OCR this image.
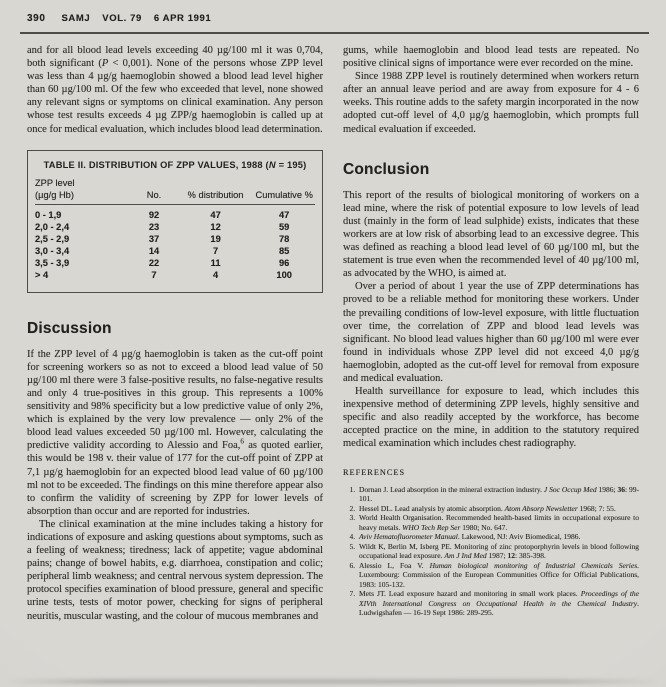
390 SAMJ VOL. 79 6 APR 1991

and for all blood lead levels exceeding 40 µg/100 ml it was 0,704, both significant (P < 0,001). None of the persons whose ZPP level was less than 4 µg/g haemoglobin showed a blood lead level higher than 60 µg/100 ml. Of the few who exceeded that level, none showed any relevant signs or symptoms on clinical examination. Any person whose test results exceeds 4 µg ZPP/g haemoglobin is called up at once for medical evaluation, which includes blood lead determination.

TABLE II. DISTRIBUTION OF ZPP VALUES, 1988 (N = 195)
ZPP level			
(µg/g Hb)	No.	% distribution	Cumulative %
0 - 1,9	92	47	47
2,0 - 2,4	23	12	59
2,5 - 2,9	37	19	78
3,0 - 3,4	14	7	85
3,5 - 3,9	22	11	96
> 4	7	4	100
Discussion

If the ZPP level of 4 µg/g haemoglobin is taken as the cut-off point for screening workers so as not to exceed a blood lead value of 50 µg/100 ml there were 3 false-positive results, no false-negative results and only 4 true-positives in this group. This represents a 100% sensitivity and 98% specificity but a low predictive value of only 2%, which is explained by the very low prevalence — only 2% of the blood lead values exceeded 50 µg/100 ml. However, calculating the predictive validity according to Alessio and Foa,$^6$ as quoted earlier, this would be 198 v. their value of 177 for the cut-off point of ZPP at 7,1 µg/g haemoglobin for an expected blood lead value of 60 µg/100 ml not to be exceeded. The findings on this mine therefore appear also to confirm the validity of screening by ZPP for lower levels of absorption than occur and are reported for industries.

The clinical examination at the mine includes taking a history for indications of exposure and asking questions about symptoms, such as a feeling of weakness; tiredness; lack of appetite; vague abdominal pains; change of bowel habits, e.g. diarrhoea, constipation and colic; peripheral limb weakness; and central nervous system depression. The protocol specifies examination of blood pressure, general and specific urine tests, tests of motor power, checking for signs of peripheral neuritis, muscular wasting, and the colour of mucous membranes and

gums, while haemoglobin and blood lead tests are repeated. No positive clinical signs of importance were ever recorded on the mine.

Since 1988 ZPP level is routinely determined when workers return after an annual leave period and are away from exposure for 4 - 6 weeks. This routine adds to the safety margin incorporated in the now adopted cut-off level of 4,0 µg/g haemoglobin, which prompts full medical evaluation if exceeded.

Conclusion

This report of the results of biological monitoring of workers on a lead mine, where the risk of potential exposure to low levels of lead dust (mainly in the form of lead sulphide) exists, indicates that these workers are at low risk of absorbing lead to an excessive degree. This was defined as reaching a blood lead level of 60 µg/100 ml, but the statement is true even when the recommended level of 40 µg/100 ml, as advocated by the WHO, is aimed at.

Over a period of about 1 year the use of ZPP determinations has proved to be a reliable method for monitoring these workers. Under the prevailing conditions of low-level exposure, with little fluctuation over time, the correlation of ZPP and blood lead levels was significant. No blood lead values higher than 60 µg/100 ml were ever found in individuals whose ZPP level did not exceed 4,0 µg/g haemoglobin, adopted as the cut-off level for removal from exposure and medical evaluation.

Health surveillance for exposure to lead, which includes this inexpensive method of determining ZPP levels, highly sensitive and specific and also readily accepted by the workforce, has become accepted practice on the mine, in addition to the statutory required medical examination which includes chest radiography.

REFERENCES
1. Dornan J. Lead absorption in the mineral extraction industry. J Soc Occup Med 1986; 36: 99-101.
2. Hessel DL. Lead analysis by atomic absorption. Atom Absorp Newsletter 1968; 7: 55.
3. World Health Organisation. Recommended health-based limits in occupational exposure to heavy metals. WHO Tech Rep Ser 1980; No. 647.
4. Aviv Hematofluorometer Manual. Lakewood, NJ: Aviv Biomedical, 1986.
5. Wildt K, Berlin M, Isberg PE. Monitoring of zinc protoporphyrin levels in blood following occupational lead exposure. Am J Ind Med 1987; 12: 385-398.
6. Alessio L, Foa V. Human biological monitoring of Industrial Chemicals Series. Luxembourg: Commission of the European Communities Office for Official Publications, 1983: 105-132.
7. Mets JT. Lead exposure hazard and monitoring in small work places. Proceedings of the XIVth International Congress on Occupational Health in the Chemical Industry. Ludwigshafen — 16-19 Sept 1986: 289-295.
